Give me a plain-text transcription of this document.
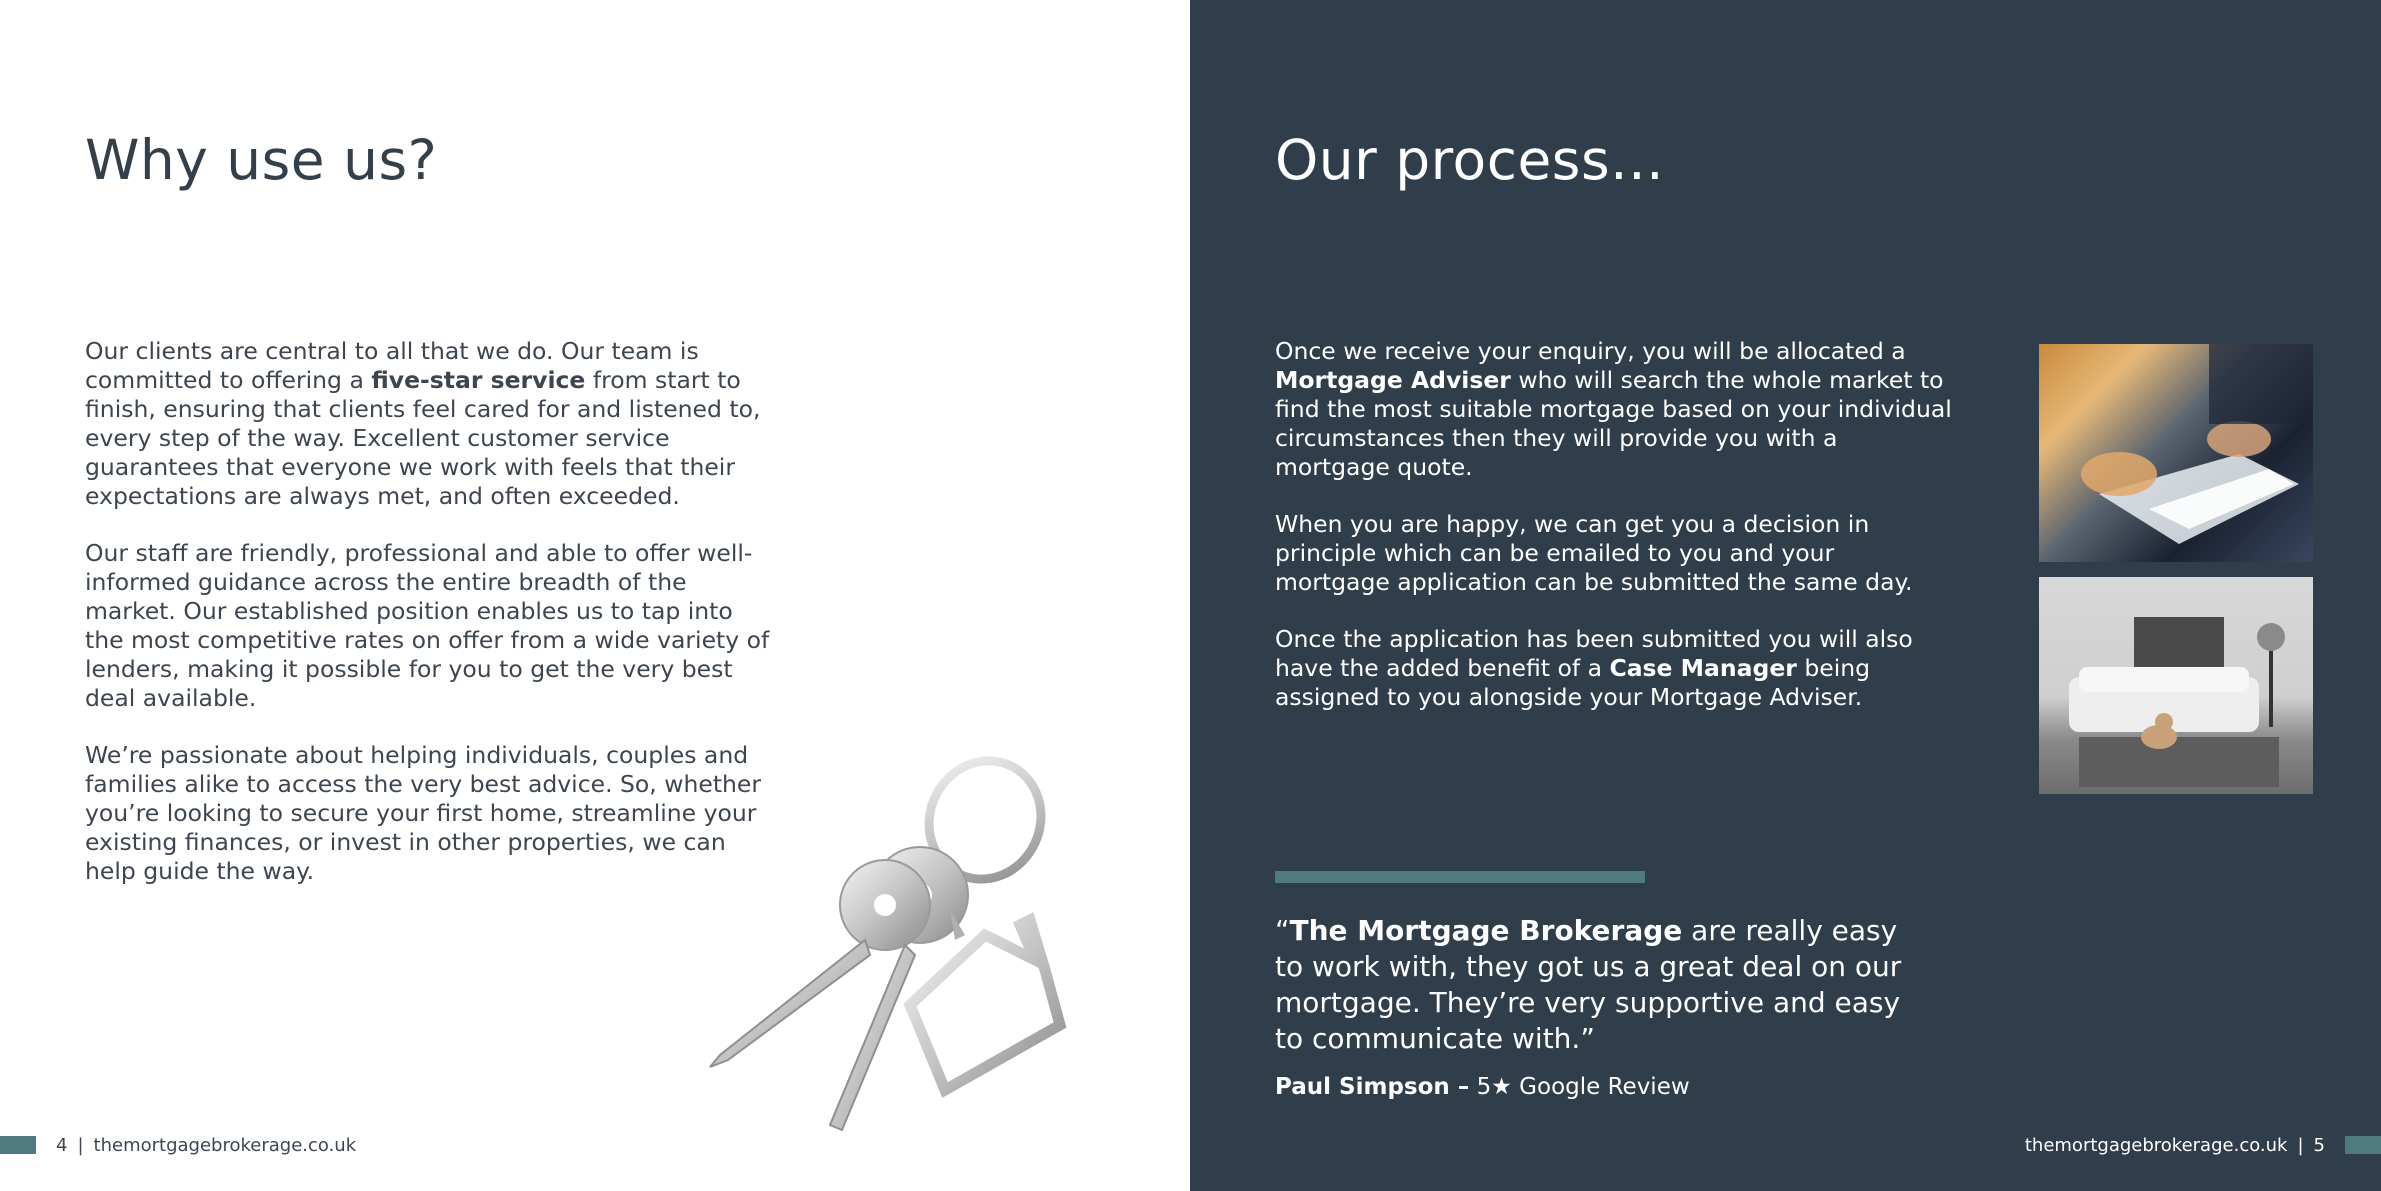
Why use us?

Our clients are central to all that we do. Our team is committed to offering a five-star service from start to finish, ensuring that clients feel cared for and listened to, every step of the way. Excellent customer service guarantees that everyone we work with feels that their expectations are always met, and often exceeded.

Our staff are friendly, professional and able to offer well-informed guidance across the entire breadth of the market. Our established position enables us to tap into the most competitive rates on offer from a wide variety of lenders, making it possible for you to get the very best deal available.

We’re passionate about helping individuals, couples and families alike to access the very best advice. So, whether you’re looking to secure your first home, streamline your existing finances, or invest in other properties, we can help guide the way.

4 | themortgagebrokerage.co.uk
Our process...

Once we receive your enquiry, you will be allocated a Mortgage Adviser who will search the whole market to find the most suitable mortgage based on your individual circumstances then they will provide you with a mortgage quote.

When you are happy, we can get you a decision in principle which can be emailed to you and your mortgage application can be submitted the same day.

Once the application has been submitted you will also have the added benefit of a Case Manager being assigned to you alongside your Mortgage Adviser.

“The Mortgage Brokerage are really easy to work with, they got us a great deal on our mortgage. They’re very supportive and easy to communicate with.”
Paul Simpson – 5★ Google Review
themortgagebrokerage.co.uk | 5
